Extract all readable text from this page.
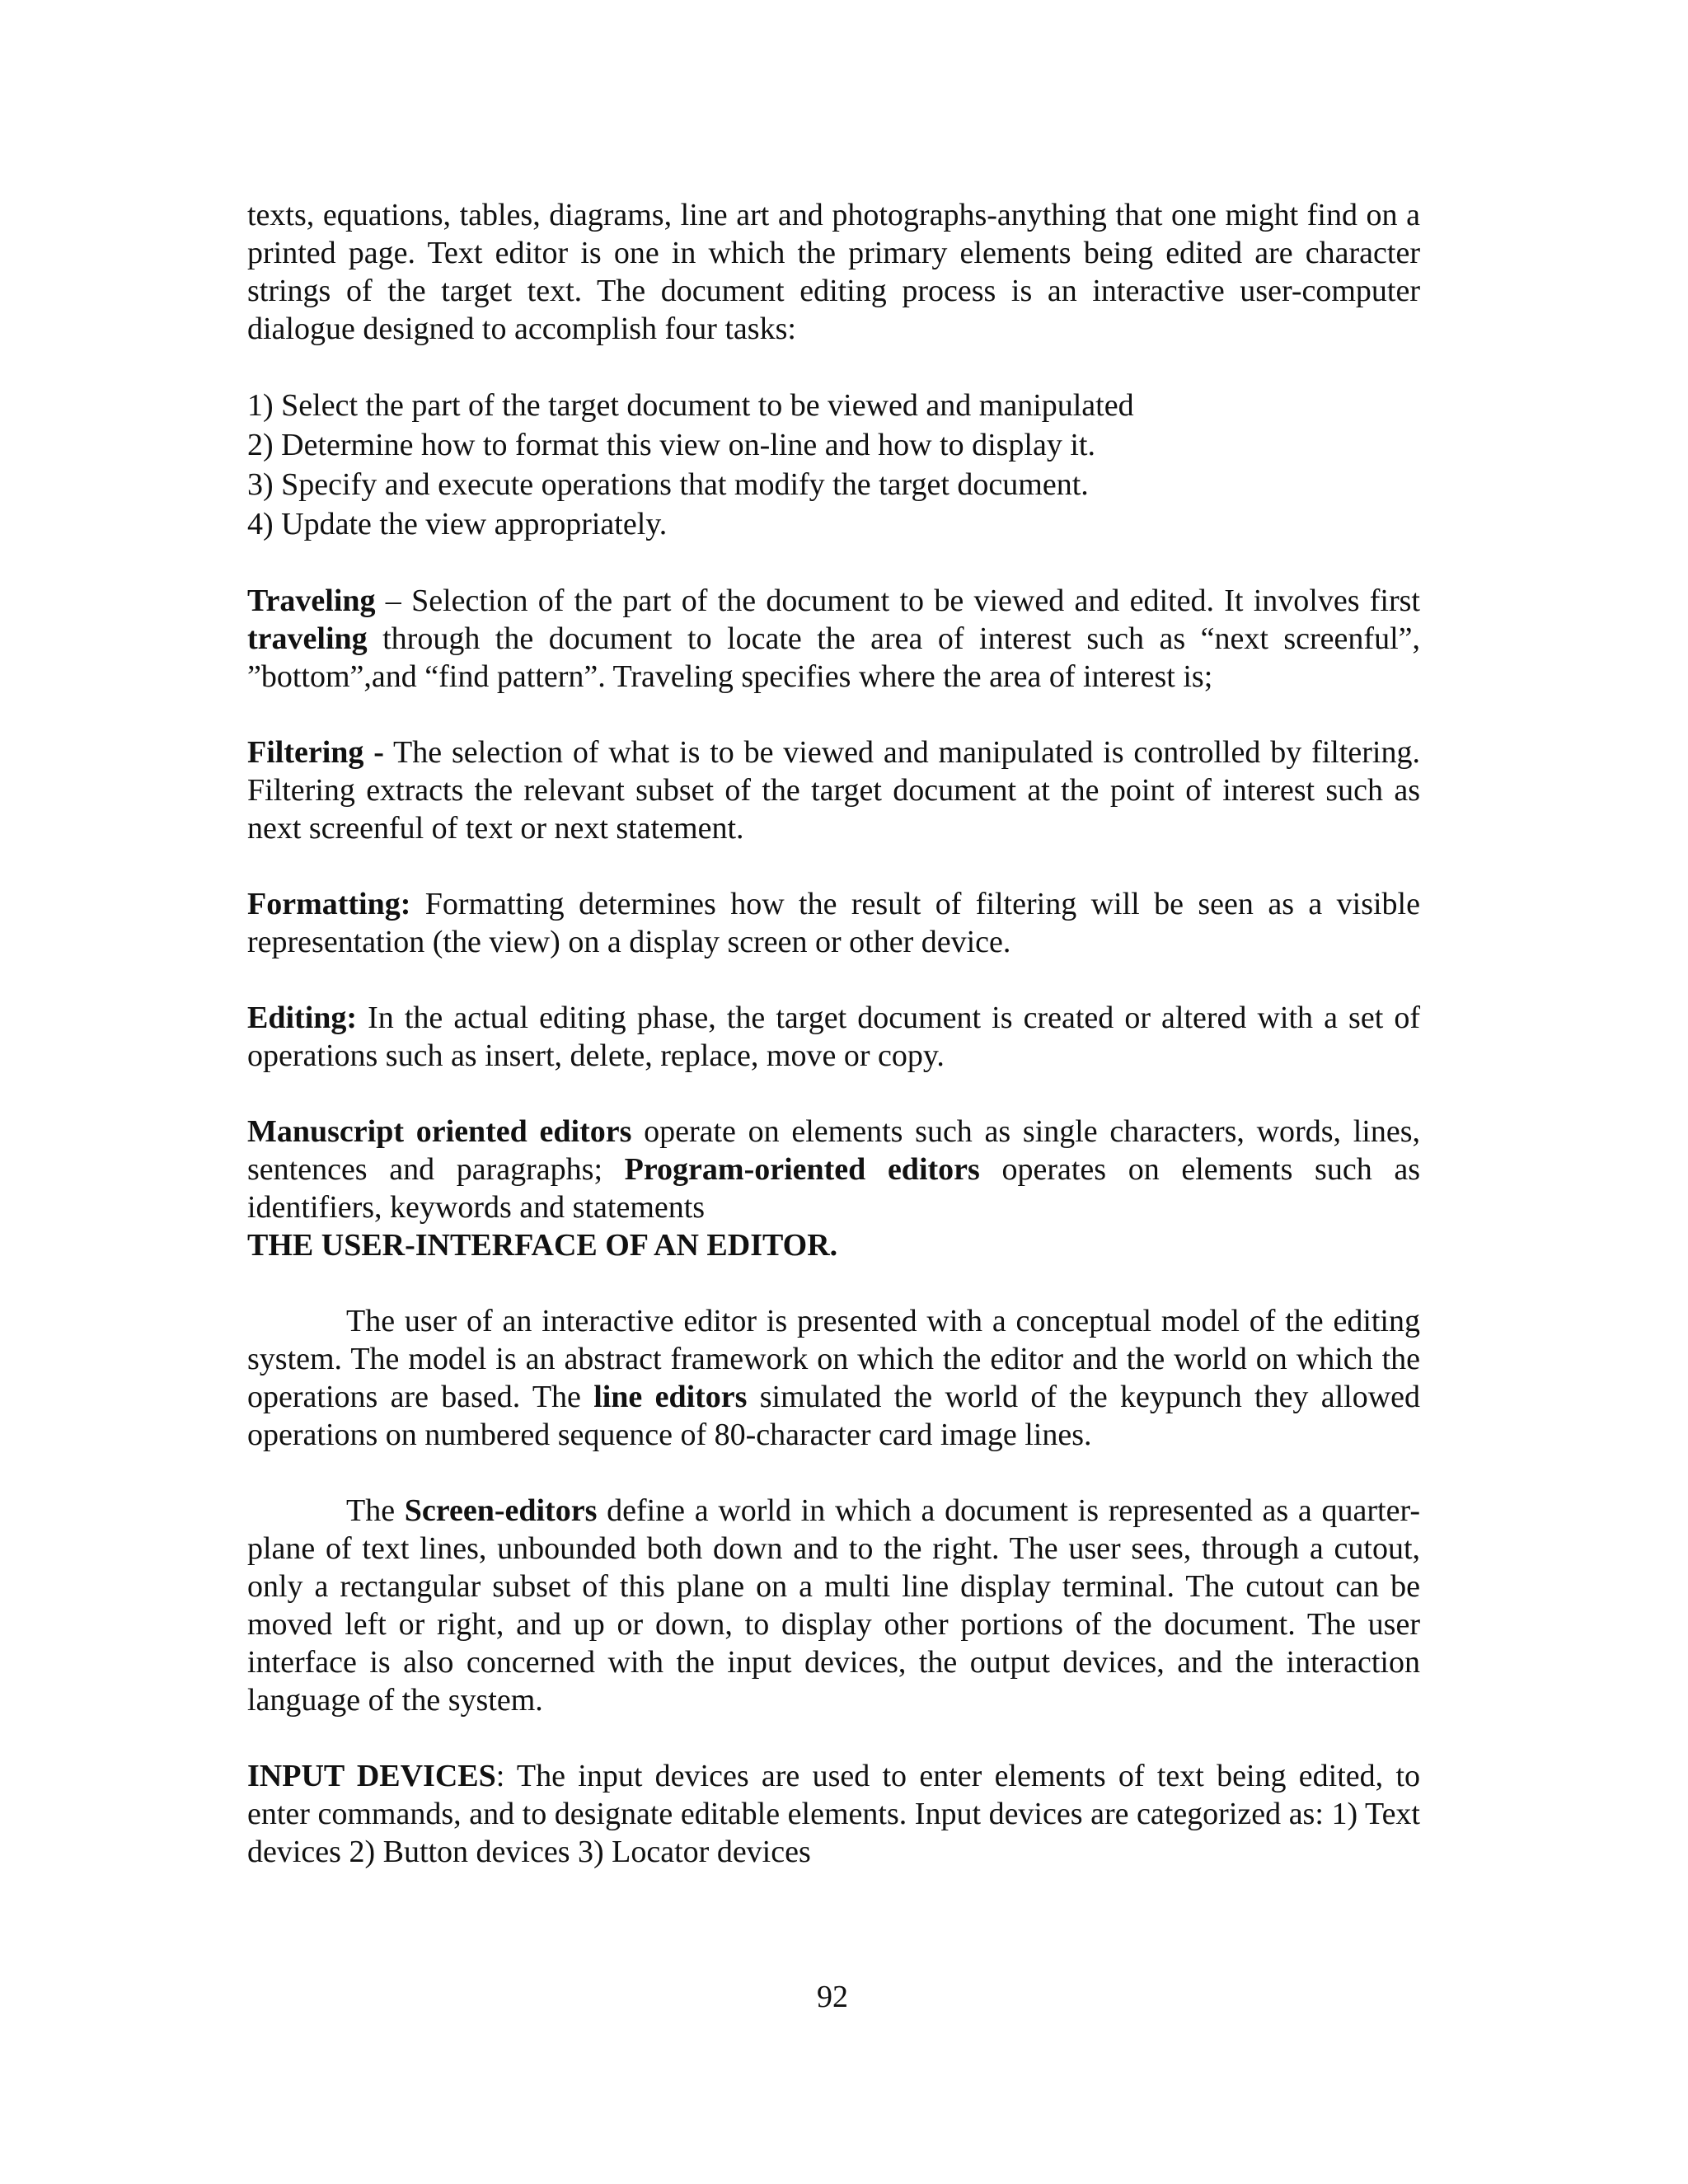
texts, equations, tables, diagrams, line art and photographs-anything that one might find on a printed page. Text editor is one in which the primary elements being edited are character strings of the target text. The document editing process is an interactive user-computer dialogue designed to accomplish four tasks:

1) Select the part of the target document to be viewed and manipulated

2) Determine how to format this view on-line and how to display it.

3) Specify and execute operations that modify the target document.

4) Update the view appropriately.

Traveling – Selection of the part of the document to be viewed and edited. It involves first traveling through the document to locate the area of interest such as “next screenful”, ”bottom”,and “find pattern”. Traveling specifies where the area of interest is;

Filtering - The selection of what is to be viewed and manipulated is controlled by filtering. Filtering extracts the relevant subset of the target document at the point of interest such as next screenful of text or next statement.

Formatting: Formatting determines how the result of filtering will be seen as a visible representation (the view) on a display screen or other device.

Editing: In the actual editing phase, the target document is created or altered with a set of operations such as insert, delete, replace, move or copy.

Manuscript oriented editors operate on elements such as single characters, words, lines, sentences and paragraphs; Program-oriented editors operates on elements such as identifiers, keywords and statements

THE USER-INTERFACE OF AN EDITOR.

The user of an interactive editor is presented with a conceptual model of the editing system. The model is an abstract framework on which the editor and the world on which the operations are based. The line editors simulated the world of the keypunch they allowed operations on numbered sequence of 80-character card image lines.

The Screen-editors define a world in which a document is represented as a quarter-plane of text lines, unbounded both down and to the right. The user sees, through a cutout, only a rectangular subset of this plane on a multi line display terminal. The cutout can be moved left or right, and up or down, to display other portions of the document. The user interface is also concerned with the input devices, the output devices, and the interaction language of the system.

INPUT DEVICES: The input devices are used to enter elements of text being edited, to enter commands, and to designate editable elements. Input devices are categorized as: 1) Text devices 2) Button devices 3) Locator devices

92
